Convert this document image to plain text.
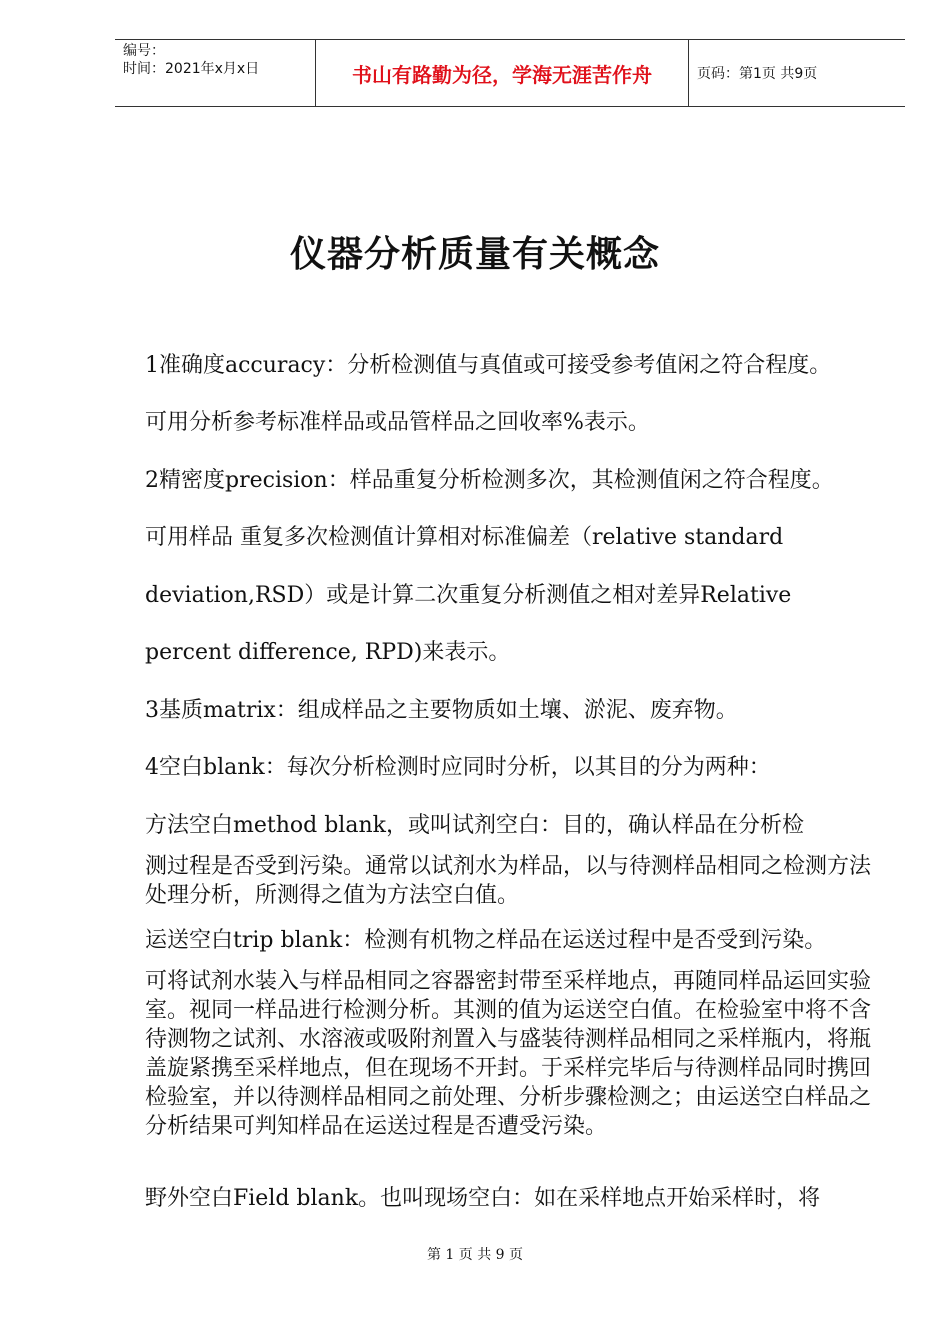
编号：
时间：2021年x月x日	书山有路勤为径，学海无涯苦作舟	页码：第1页 共9页
仪器分析质量有关概念
1准确度accuracy：分析检测值与真值或可接受参考值闲之符合程度。
可用分析参考标准样品或品管样品之回收率%表示。
2精密度precision：样品重复分析检测多次，其检测值闲之符合程度。
可用样品 重复多次检测值计算相对标准偏差（relative standard
deviation,RSD）或是计算二次重复分析测值之相对差异Relative
percent difference, RPD)来表示。
3基质matrix：组成样品之主要物质如土壤、淤泥、废弃物。
4空白blank：每次分析检测时应同时分析，以其目的分为两种：
方法空白method blank，或叫试剂空白：目的，确认样品在分析检
测过程是否受到污染。通常以试剂水为样品，以与待测样品相同之检测方法处理分析，所测得之值为方法空白值。
运送空白trip blank：检测有机物之样品在运送过程中是否受到污染。
可将试剂水装入与样品相同之容器密封带至采样地点，再随同样品运回实验室。视同一样品进行检测分析。其测的值为运送空白值。在检验室中将不含待测物之试剂、水溶液或吸附剂置入与盛装待测样品相同之采样瓶内，将瓶盖旋紧携至采样地点，但在现场不开封。于采样完毕后与待测样品同时携回检验室，并以待测样品相同之前处理、分析步骤检测之；由运送空白样品之分析结果可判知样品在运送过程是否遭受污染。
野外空白Field blank。也叫现场空白：如在采样地点开始采样时，将
第 1 页 共 9 页
